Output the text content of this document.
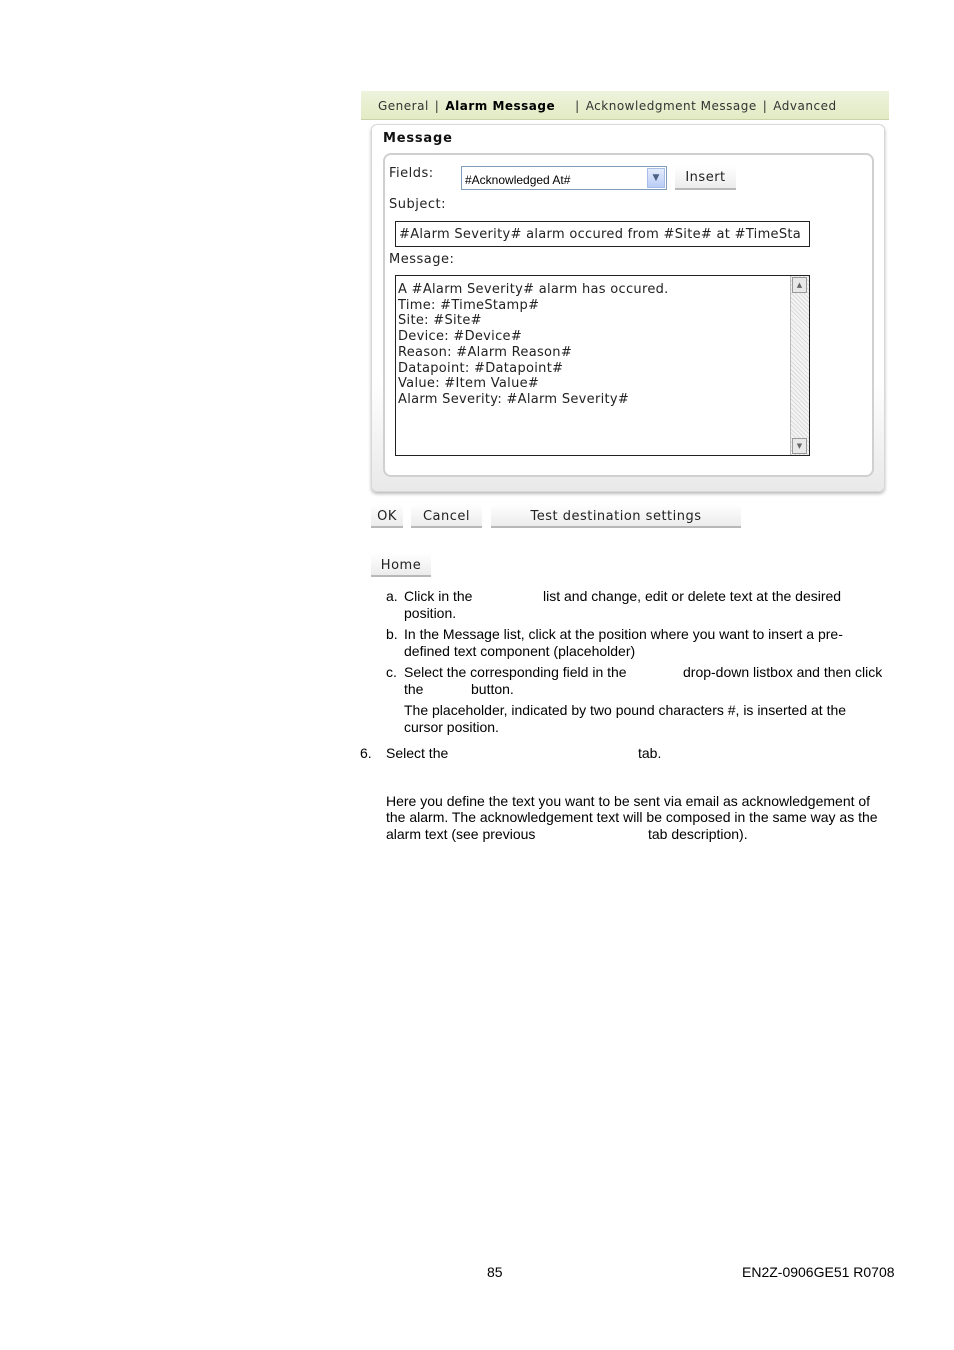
General | Alarm Message | Acknowledgment Message | Advanced
Message
Fields:	#Acknowledged At#	▼	Insert
Subject:
#Alarm Severity# alarm occured from #Site# at #TimeSta
Message:
A #Alarm Severity# alarm has occured.
Time: #TimeStamp#
Site: #Site#
Device: #Device#
Reason: #Alarm Reason#
Datapoint: #Datapoint#
Value: #Item Value#
Alarm Severity: #Alarm Severity#
▲
▼
OK	Cancel	Test destination settings
Home
a. Click in the	list and change, edit or delete text at the desired
position.
b. In the Message list, click at the position where you want to insert a pre-
defined text component (placeholder)
c. Select the corresponding field in the	drop-down listbox and then click
the	button.
The placeholder, indicated by two pound characters #, is inserted at the
cursor position.
6. Select the	tab.
Here you define the text you want to be sent via email as acknowledgement of
the alarm. The acknowledgement text will be composed in the same way as the
alarm text (see previous	tab description).
85	EN2Z-0906GE51 R0708
